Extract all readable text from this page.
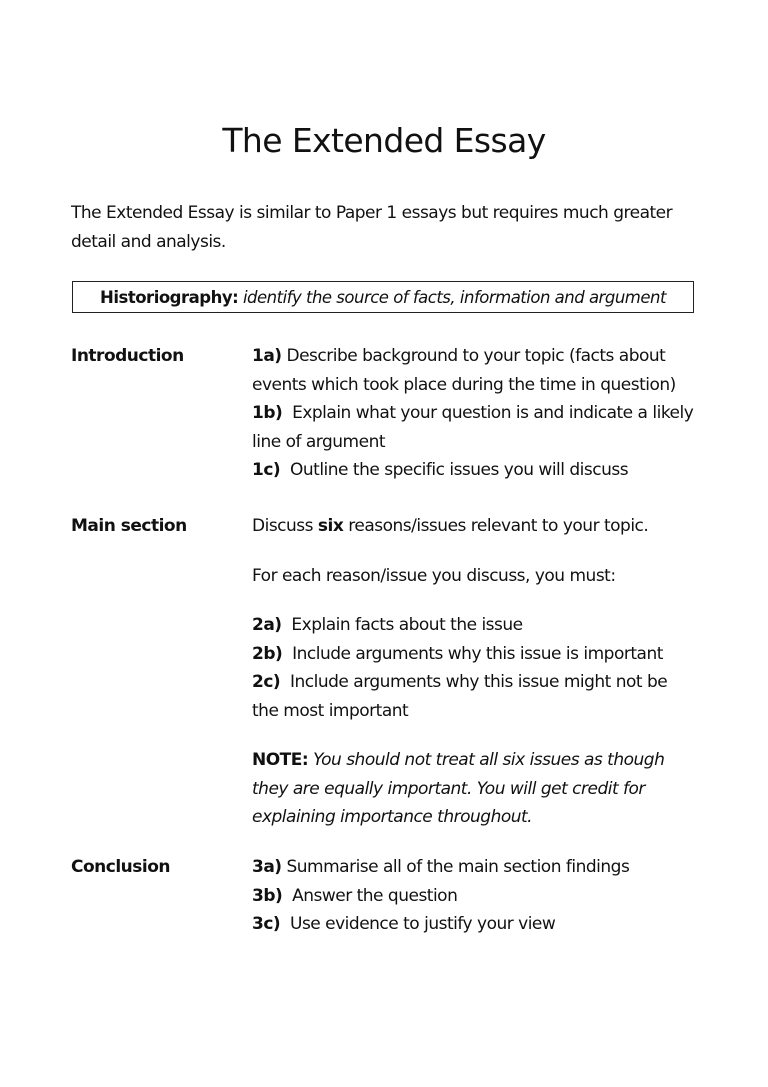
The Extended Essay

The Extended Essay is similar to Paper 1 essays but requires much greater
detail and analysis.

Historiography: identify the source of facts, information and argument
Introduction	1a) Describe background to your topic (facts about
events which took place during the time in question)
1b) Explain what your question is and indicate a likely
line of argument
1c) Outline the specific issues you will discuss
Main section	Discuss six reasons/issues relevant to your topic.
For each reason/issue you discuss, you must:
2a) Explain facts about the issue
2b) Include arguments why this issue is important
2c) Include arguments why this issue might not be
the most important
NOTE: You should not treat all six issues as though
they are equally important. You will get credit for
explaining importance throughout.
Conclusion	3a) Summarise all of the main section findings
3b) Answer the question
3c) Use evidence to justify your view
